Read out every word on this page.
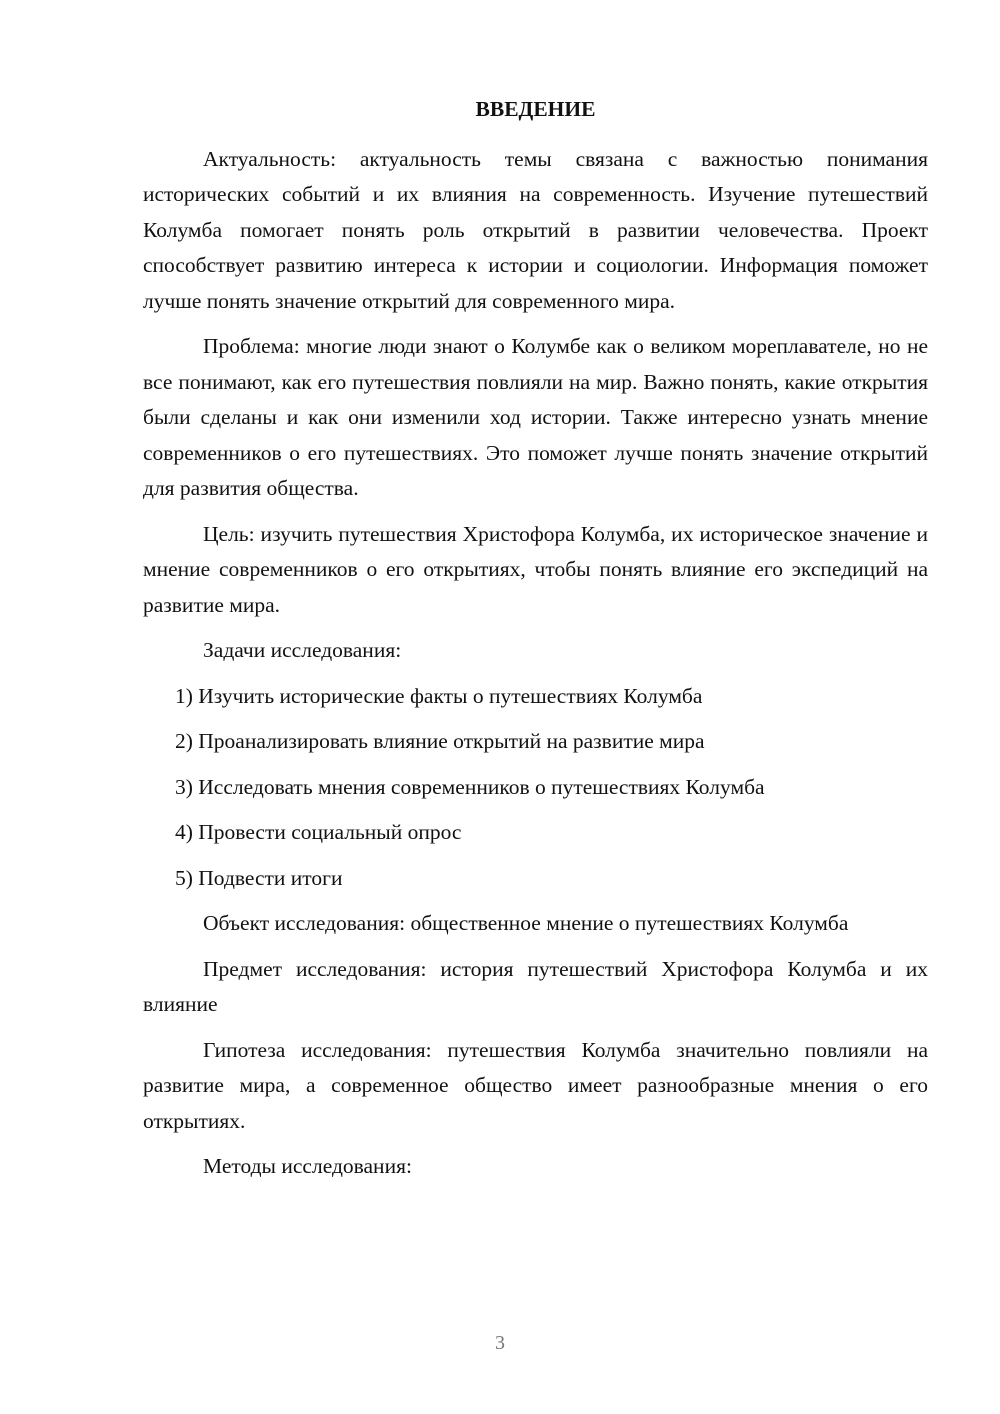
ВВЕДЕНИЕ

Актуальность: актуальность темы связана с важностью понимания исторических событий и их влияния на современность. Изучение путешествий Колумба помогает понять роль открытий в развитии человечества. Проект способствует развитию интереса к истории и социологии. Информация поможет лучше понять значение открытий для современного мира.

Проблема: многие люди знают о Колумбе как о великом мореплавателе, но не все понимают, как его путешествия повлияли на мир. Важно понять, какие открытия были сделаны и как они изменили ход истории. Также интересно узнать мнение современников о его путешествиях. Это поможет лучше понять значение открытий для развития общества.

Цель: изучить путешествия Христофора Колумба, их историческое значение и мнение современников о его открытиях, чтобы понять влияние его экспедиций на развитие мира.

Задачи исследования:

1) Изучить исторические факты о путешествиях Колумба
2) Проанализировать влияние открытий на развитие мира
3) Исследовать мнения современников о путешествиях Колумба
4) Провести социальный опрос
5) Подвести итоги

Объект исследования: общественное мнение о путешествиях Колумба

Предмет исследования: история путешествий Христофора Колумба и их влияние

Гипотеза исследования: путешествия Колумба значительно повлияли на развитие мира, а современное общество имеет разнообразные мнения о его открытиях.

Методы исследования:

3
